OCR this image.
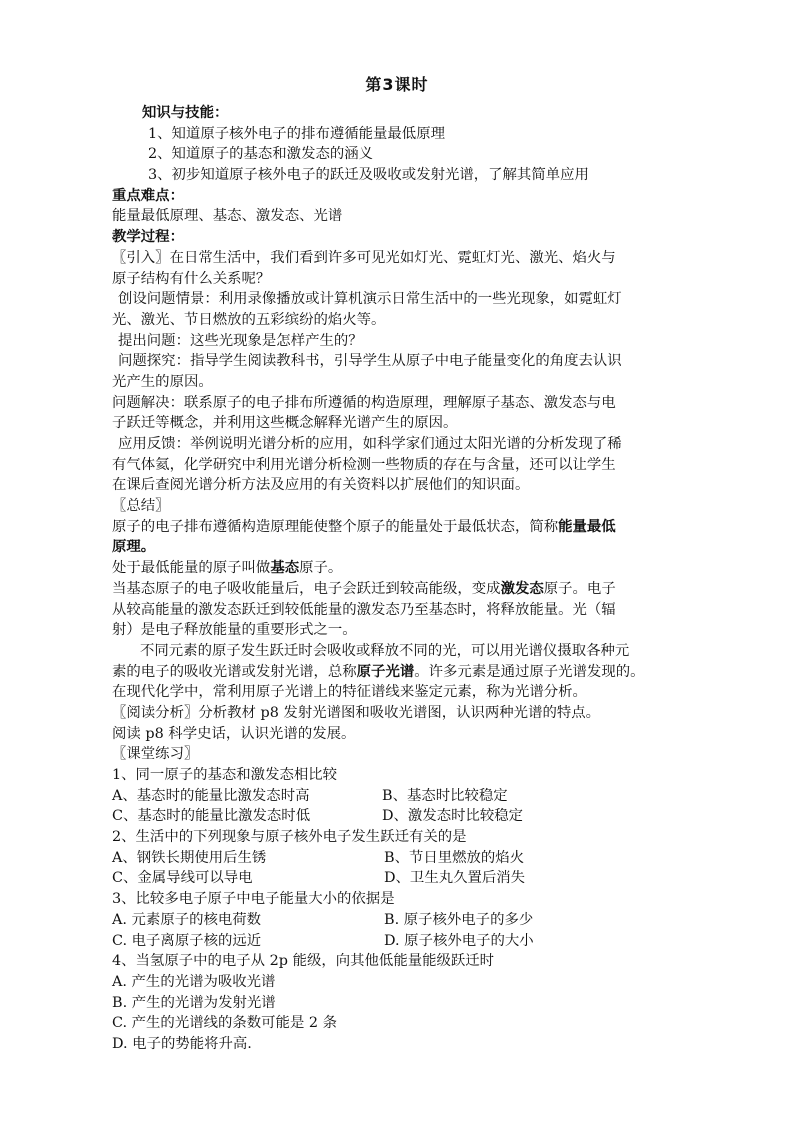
第3课时
知识与技能：
1、知道原子核外电子的排布遵循能量最低原理
2、知道原子的基态和激发态的涵义
3、初步知道原子核外电子的跃迁及吸收或发射光谱，了解其简单应用
重点难点：
能量最低原理、基态、激发态、光谱
教学过程：
〖引入〗在日常生活中，我们看到许多可见光如灯光、霓虹灯光、激光、焰火与
原子结构有什么关系呢？
创设问题情景：利用录像播放或计算机演示日常生活中的一些光现象，如霓虹灯
光、激光、节日燃放的五彩缤纷的焰火等。
提出问题：这些光现象是怎样产生的？
问题探究：指导学生阅读教科书，引导学生从原子中电子能量变化的角度去认识
光产生的原因。
问题解决：联系原子的电子排布所遵循的构造原理，理解原子基态、激发态与电
子跃迁等概念，并利用这些概念解释光谱产生的原因。
应用反馈：举例说明光谱分析的应用，如科学家们通过太阳光谱的分析发现了稀
有气体氦，化学研究中利用光谱分析检测一些物质的存在与含量，还可以让学生
在课后查阅光谱分析方法及应用的有关资料以扩展他们的知识面。
〖总结〗
原子的电子排布遵循构造原理能使整个原子的能量处于最低状态，简称能量最低
原理。
处于最低能量的原子叫做基态原子。
当基态原子的电子吸收能量后，电子会跃迁到较高能级，变成激发态原子。电子
从较高能量的激发态跃迁到较低能量的激发态乃至基态时，将释放能量。光（辐
射）是电子释放能量的重要形式之一。
不同元素的原子发生跃迁时会吸收或释放不同的光，可以用光谱仪摄取各种元
素的电子的吸收光谱或发射光谱，总称原子光谱。许多元素是通过原子光谱发现的。
在现代化学中，常利用原子光谱上的特征谱线来鉴定元素，称为光谱分析。
〖阅读分析〗分析教材 p8 发射光谱图和吸收光谱图，认识两种光谱的特点。
阅读 p8 科学史话，认识光谱的发展。
〖课堂练习〗
1、同一原子的基态和激发态相比较
A、基态时的能量比激发态时高	B、基态时比较稳定
C、基态时的能量比激发态时低	D、激发态时比较稳定
2、生活中的下列现象与原子核外电子发生跃迁有关的是
A、钢铁长期使用后生锈	B、节日里燃放的焰火
C、金属导线可以导电	D、卫生丸久置后消失
3、比较多电子原子中电子能量大小的依据是
A. 元素原子的核电荷数	B. 原子核外电子的多少
C. 电子离原子核的远近	D. 原子核外电子的大小
4、当氢原子中的电子从 2p 能级，向其他低能量能级跃迁时
A. 产生的光谱为吸收光谱
B. 产生的光谱为发射光谱
C. 产生的光谱线的条数可能是 2 条
D. 电子的势能将升高.
